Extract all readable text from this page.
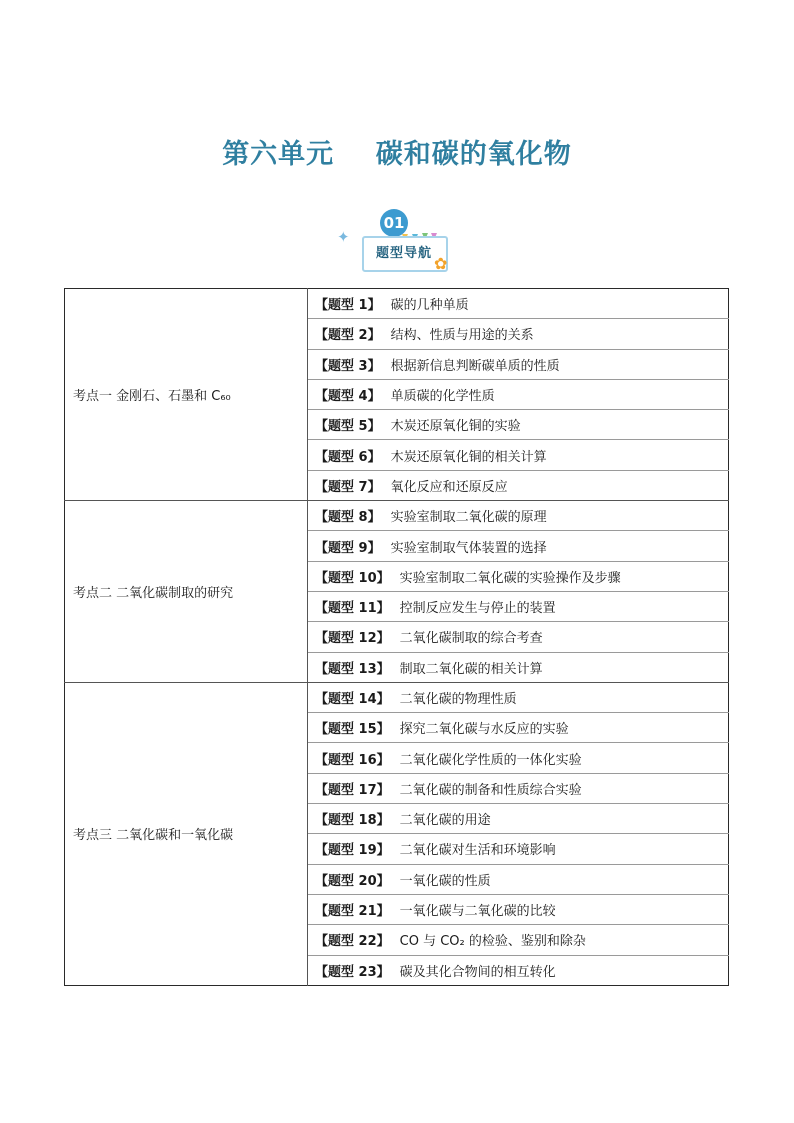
第六单元    碳和碳的氧化物
✦
01
题型导航
✿
考点一 金刚石、石墨和 C₆₀	【题型 1】 碳的几种单质
	【题型 2】 结构、性质与用途的关系
	【题型 3】 根据新信息判断碳单质的性质
	【题型 4】 单质碳的化学性质
	【题型 5】 木炭还原氧化铜的实验
	【题型 6】 木炭还原氧化铜的相关计算
	【题型 7】 氧化反应和还原反应
考点二 二氧化碳制取的研究	【题型 8】 实验室制取二氧化碳的原理
	【题型 9】 实验室制取气体装置的选择
	【题型 10】 实验室制取二氧化碳的实验操作及步骤
	【题型 11】 控制反应发生与停止的装置
	【题型 12】 二氧化碳制取的综合考查
	【题型 13】 制取二氧化碳的相关计算
考点三 二氧化碳和一氧化碳	【题型 14】 二氧化碳的物理性质
	【题型 15】 探究二氧化碳与水反应的实验
	【题型 16】 二氧化碳化学性质的一体化实验
	【题型 17】 二氧化碳的制备和性质综合实验
	【题型 18】 二氧化碳的用途
	【题型 19】 二氧化碳对生活和环境影响
	【题型 20】 一氧化碳的性质
	【题型 21】 一氧化碳与二氧化碳的比较
	【题型 22】 CO 与 CO₂ 的检验、鉴别和除杂
	【题型 23】 碳及其化合物间的相互转化
